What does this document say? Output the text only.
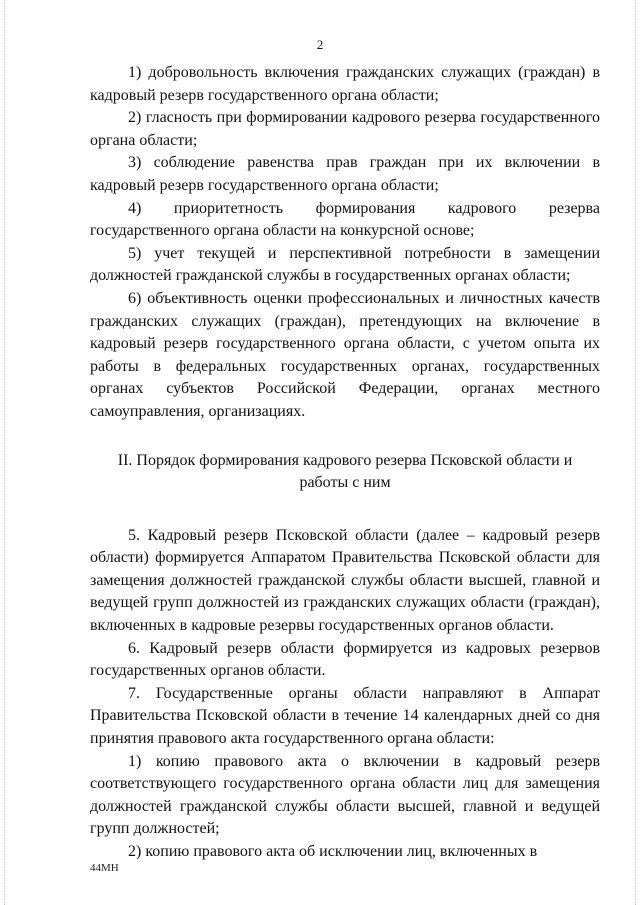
2

1) добровольность включения гражданских служащих (граждан) в кадровый резерв государственного органа области;

2) гласность при формировании кадрового резерва государственного органа области;

3) соблюдение равенства прав граждан при их включении в кадровый резерв государственного органа области;

4) приоритетность формирования кадрового резерва государственного органа области на конкурсной основе;

5) учет текущей и перспективной потребности в замещении должностей гражданской службы в государственных органах области;

6) объективность оценки профессиональных и личностных качеств гражданских служащих (граждан), претендующих на включение в кадровый резерв государственного органа области, с учетом опыта их работы в федеральных государственных органах, государственных органах субъектов Российской Федерации, органах местного самоуправления, организациях.

II. Порядок формирования кадрового резерва Псковской области и
работы с ним

5. Кадровый резерв Псковской области (далее – кадровый резерв области) формируется Аппаратом Правительства Псковской области для замещения должностей гражданской службы области высшей, главной и ведущей групп должностей из гражданских служащих области (граждан), включенных в кадровые резервы государственных органов области.

6. Кадровый резерв области формируется из кадровых резервов государственных органов области.

7. Государственные органы области направляют в Аппарат Правительства Псковской области в течение 14 календарных дней со дня принятия правового акта государственного органа области:

1) копию правового акта о включении в кадровый резерв соответствующего государственного органа области лиц для замещения должностей гражданской службы области высшей, главной и ведущей групп должностей;

2) копию правового акта об исключении лиц, включенных в

44МН
